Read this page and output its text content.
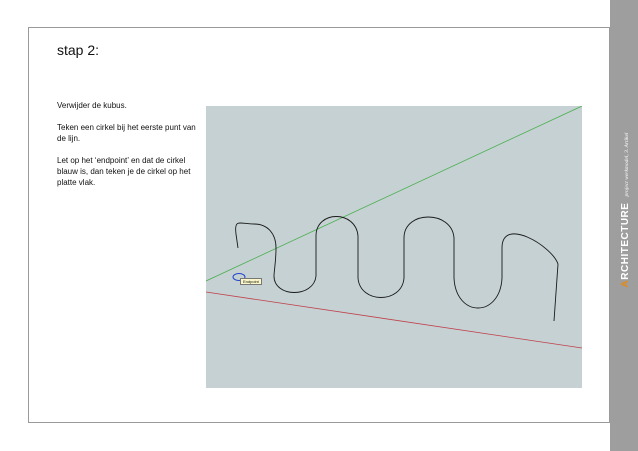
ARCHITECTURE
project werkmodel, 3. Artikel
stap 2:

Verwijder de kubus.

Teken een cirkel bij het eerste punt van de lijn.

Let op het ‘endpoint’ en dat de cirkel blauw is, dan teken je de cirkel op het platte vlak.

Endpoint
